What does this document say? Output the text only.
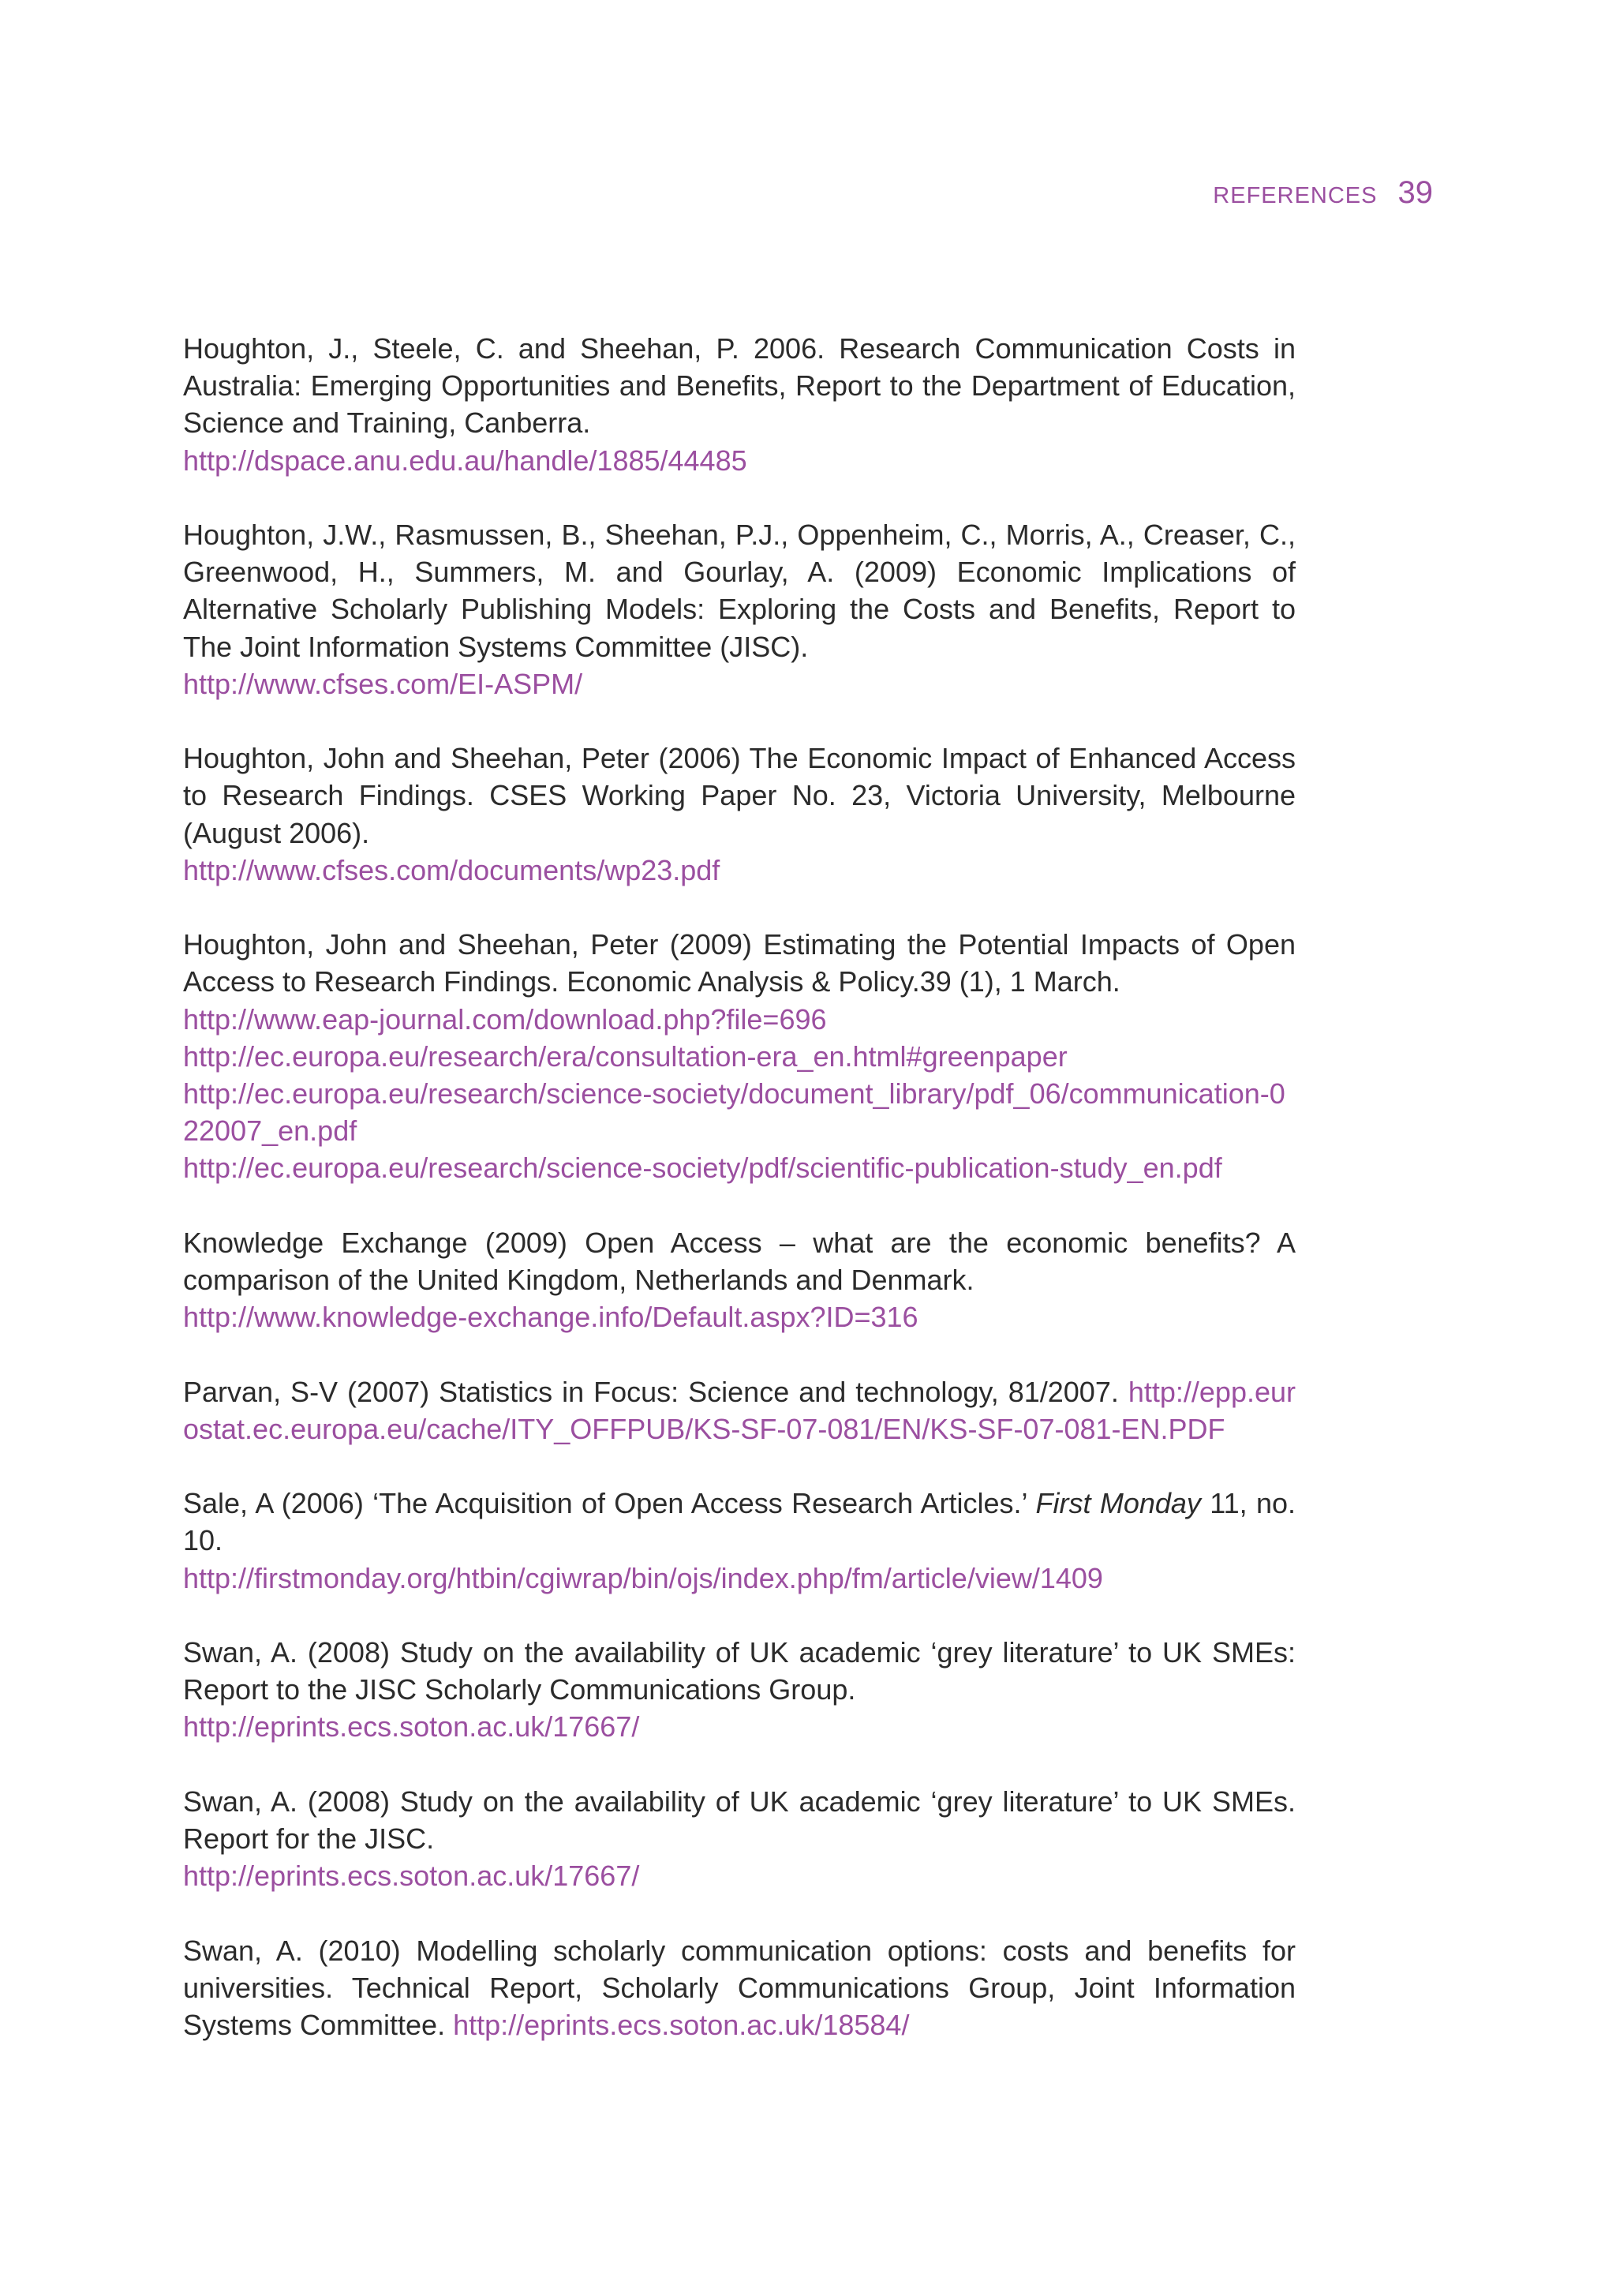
REFERENCES 39
Houghton, J., Steele, C. and Sheehan, P. 2006. Research Communication Costs in Australia: Emerging Opportunities and Benefits, Report to the Department of Education, Science and Training, Canberra.
http://dspace.anu.edu.au/handle/1885/44485
Houghton, J.W., Rasmussen, B., Sheehan, P.J., Oppenheim, C., Morris, A., Creaser, C., Greenwood, H., Summers, M. and Gourlay, A. (2009) Economic Implications of Alternative Scholarly Publishing Models: Exploring the Costs and Benefits, Report to The Joint Information Systems Committee (JISC).
http://www.cfses.com/EI-ASPM/
Houghton, John and Sheehan, Peter (2006) The Economic Impact of Enhanced Access to Research Findings. CSES Working Paper No. 23, Victoria University, Melbourne (August 2006).
http://www.cfses.com/documents/wp23.pdf
Houghton, John and Sheehan, Peter (2009) Estimating the Potential Impacts of Open Access to Research Findings. Economic Analysis & Policy.39 (1), 1 March.
http://www.eap-journal.com/download.php?file=696
http://ec.europa.eu/research/era/consultation-era_en.html#greenpaper
http://ec.europa.eu/research/science-society/document_library/pdf_06/communication-022007_en.pdf
http://ec.europa.eu/research/science-society/pdf/scientific-publication-study_en.pdf
Knowledge Exchange (2009) Open Access – what are the economic benefits? A comparison of the United Kingdom, Netherlands and Denmark.
http://www.knowledge-exchange.info/Default.aspx?ID=316
Parvan, S-V (2007) Statistics in Focus: Science and technology, 81/2007. http://epp.eurostat.ec.europa.eu/cache/ITY_OFFPUB/KS-SF-07-081/EN/KS-SF-07-081-EN.PDF
Sale, A (2006) ‘The Acquisition of Open Access Research Articles.’ First Monday 11, no. 10.
http://firstmonday.org/htbin/cgiwrap/bin/ojs/index.php/fm/article/view/1409
Swan, A. (2008) Study on the availability of UK academic ‘grey literature’ to UK SMEs: Report to the JISC Scholarly Communications Group.
http://eprints.ecs.soton.ac.uk/17667/
Swan, A. (2008) Study on the availability of UK academic ‘grey literature’ to UK SMEs. Report for the JISC.
http://eprints.ecs.soton.ac.uk/17667/
Swan, A. (2010) Modelling scholarly communication options: costs and benefits for universities. Technical Report, Scholarly Communications Group, Joint Information Systems Committee. http://eprints.ecs.soton.ac.uk/18584/
